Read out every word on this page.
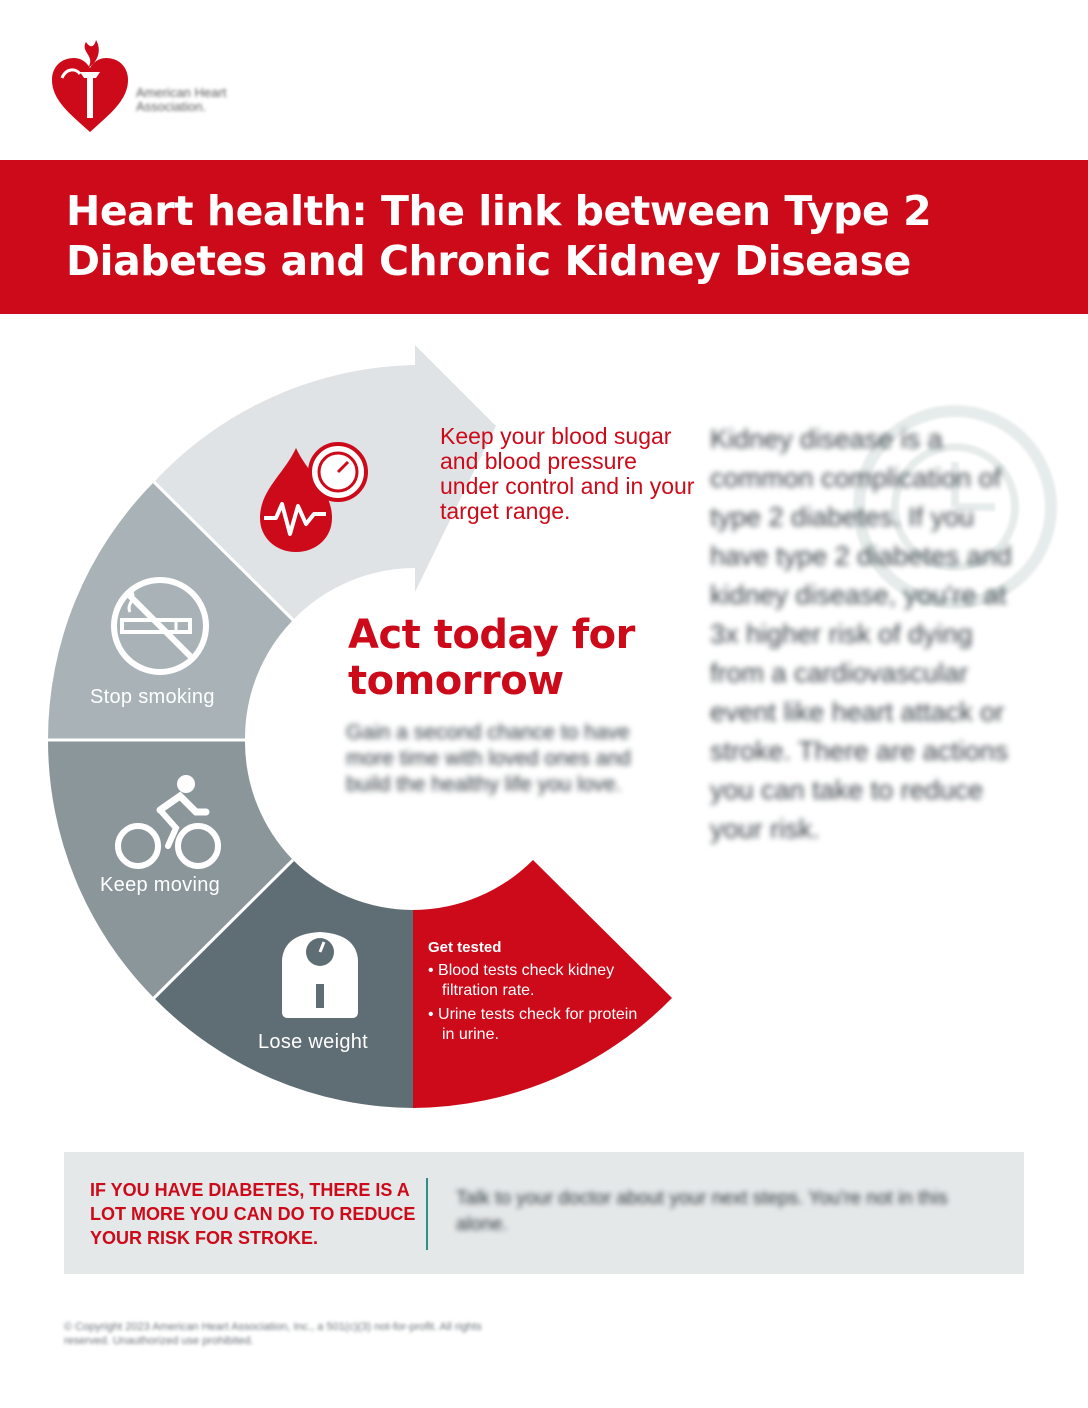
American Heart Association.
Heart health: The link between Type 2 Diabetes and Chronic Kidney Disease

Stop smoking
Keep moving
Lose weight
Keep your blood sugar and blood pressure under control and in your target range.
Act today for tomorrow
Gain a second chance to have more time with loved ones and build the healthy life you love.
Get tested
• Blood tests check kidney filtration rate.
• Urine tests check for protein in urine.
Kidney disease is a common complication of type 2 diabetes. If you have type 2 diabetes and kidney disease, you're at 3x higher risk of dying from a cardiovascular event like heart attack or stroke. There are actions you can take to reduce your risk.
IF YOU HAVE DIABETES, THERE IS A LOT MORE YOU CAN DO TO REDUCE YOUR RISK FOR STROKE.
Talk to your doctor about your next steps. You're not in this alone.
© Copyright 2023 American Heart Association, Inc., a 501(c)(3) not-for-profit. All rights reserved. Unauthorized use prohibited.
